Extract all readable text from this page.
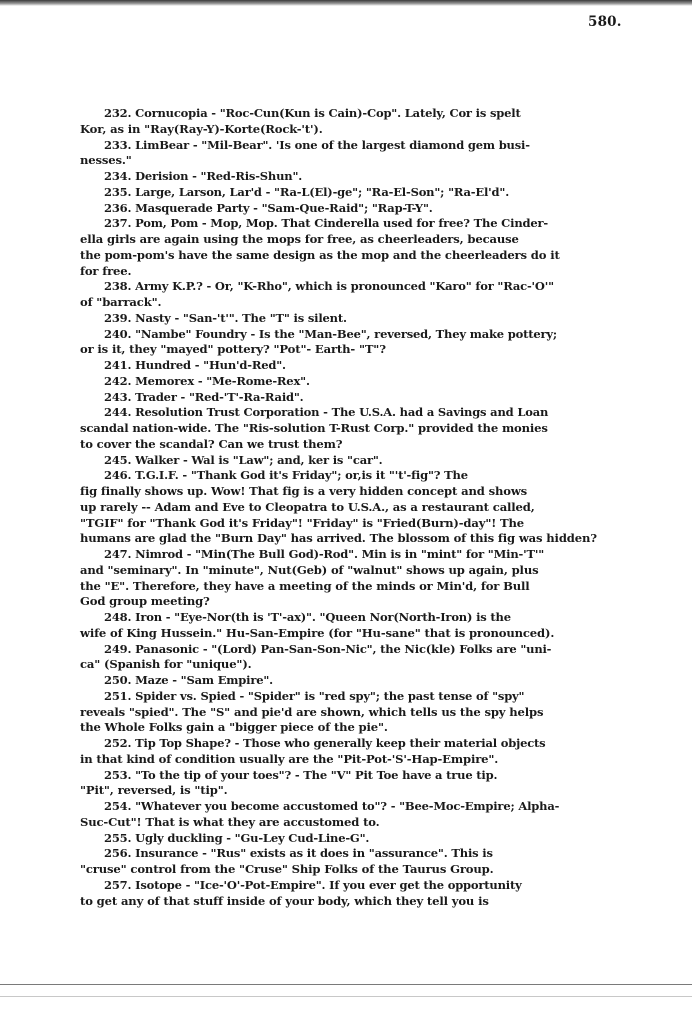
580.
232. Cornucopia - "Roc-Cun(Kun is Cain)-Cop". Lately, Cor is spelt
Kor, as in "Ray(Ray-Y)-Korte(Rock-'t').
233. LimBear - "Mil-Bear". 'Is one of the largest diamond gem busi-
nesses."
234. Derision - "Red-Ris-Shun".
235. Large, Larson, Lar'd - "Ra-L(El)-ge"; "Ra-El-Son"; "Ra-El'd".
236. Masquerade Party - "Sam-Que-Raid"; "Rap-T-Y".
237. Pom, Pom - Mop, Mop. That Cinderella used for free? The Cinder-
ella girls are again using the mops for free, as cheerleaders, because
the pom-pom's have the same design as the mop and the cheerleaders do it
for free.
238. Army K.P.? - Or, "K-Rho", which is pronounced "Karo" for "Rac-'O'"
of "barrack".
239. Nasty - "San-'t'". The "T" is silent.
240. "Nambe" Foundry - Is the "Man-Bee", reversed, They make pottery;
or is it, they "mayed" pottery? "Pot"- Earth- "T"?
241. Hundred - "Hun'd-Red".
242. Memorex - "Me-Rome-Rex".
243. Trader - "Red-'T'-Ra-Raid".
244. Resolution Trust Corporation - The U.S.A. had a Savings and Loan
scandal nation-wide. The "Ris-solution T-Rust Corp." provided the monies
to cover the scandal? Can we trust them?
245. Walker - Wal is "Law"; and, ker is "car".
246. T.G.I.F. - "Thank God it's Friday"; or,is it "'t'-fig"? The
fig finally shows up. Wow! That fig is a very hidden concept and shows
up rarely -- Adam and Eve to Cleopatra to U.S.A., as a restaurant called,
"TGIF" for "Thank God it's Friday"! "Friday" is "Fried(Burn)-day"! The
humans are glad the "Burn Day" has arrived. The blossom of this fig was hidden?
247. Nimrod - "Min(The Bull God)-Rod". Min is in "mint" for "Min-'T'"
and "seminary". In "minute", Nut(Geb) of "walnut" shows up again, plus
the "E". Therefore, they have a meeting of the minds or Min'd, for Bull
God group meeting?
248. Iron - "Eye-Nor(th is 'T'-ax)". "Queen Nor(North-Iron) is the
wife of King Hussein." Hu-San-Empire (for "Hu-sane" that is pronounced).
249. Panasonic - "(Lord) Pan-San-Son-Nic", the Nic(kle) Folks are "uni-
ca" (Spanish for "unique").
250. Maze - "Sam Empire".
251. Spider vs. Spied - "Spider" is "red spy"; the past tense of "spy"
reveals "spied". The "S" and pie'd are shown, which tells us the spy helps
the Whole Folks gain a "bigger piece of the pie".
252. Tip Top Shape? - Those who generally keep their material objects
in that kind of condition usually are the "Pit-Pot-'S'-Hap-Empire".
253. "To the tip of your toes"? - The "V" Pit Toe have a true tip.
"Pit", reversed, is "tip".
254. "Whatever you become accustomed to"? - "Bee-Moc-Empire; Alpha-
Suc-Cut"! That is what they are accustomed to.
255. Ugly duckling - "Gu-Ley Cud-Line-G".
256. Insurance - "Rus" exists as it does in "assurance". This is
"cruse" control from the "Cruse" Ship Folks of the Taurus Group.
257. Isotope - "Ice-'O'-Pot-Empire". If you ever get the opportunity
to get any of that stuff inside of your body, which they tell you is
